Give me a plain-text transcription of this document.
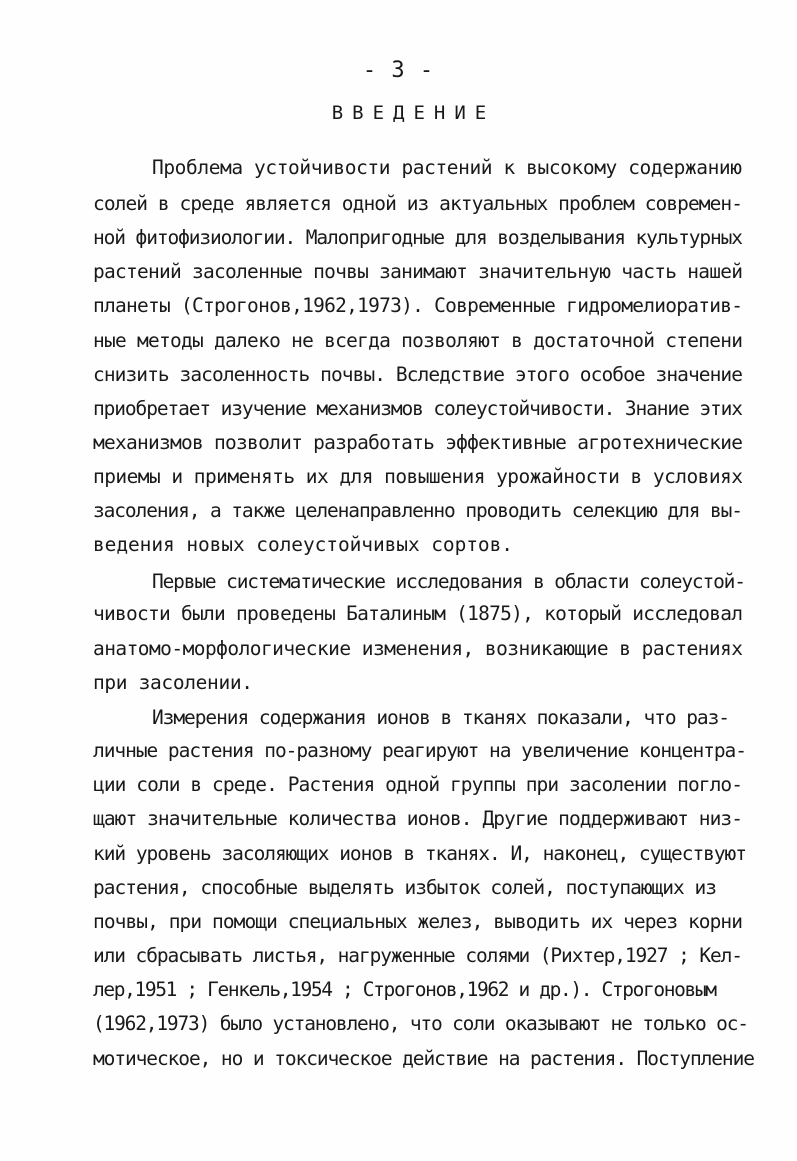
- 3 -
ВВЕДЕНИЕ
Проблема устойчивости растений к высокому содержанию
солей в среде является одной из актуальных проблем современ-
ной фитофизиологии. Малопригодные для возделывания культурных
растений засоленные почвы занимают значительную часть нашей
планеты (Строгонов,1962,1973). Современные гидромелиоратив-
ные методы далеко не всегда позволяют в достаточной степени
снизить засоленность почвы. Вследствие этого особое значение
приобретает изучение механизмов солеустойчивости. Знание этих
механизмов позволит разработать эффективные агротехнические
приемы и применять их для повышения урожайности в условиях
засоления, а также целенаправленно проводить селекцию для вы-
ведения новых солеустойчивых сортов.
Первые систематические исследования в области солеустой-
чивости были проведены Баталиным (1875), который исследовал
анатомо-морфологические изменения, возникающие в растениях
при засолении.
Измерения содержания ионов в тканях показали, что раз-
личные растения по-разному реагируют на увеличение концентра-
ции соли в среде. Растения одной группы при засолении погло-
щают значительные количества ионов. Другие поддерживают низ-
кий уровень засоляющих ионов в тканях. И, наконец, существуют
растения, способные выделять избыток солей, поступающих из
почвы, при помощи специальных желез, выводить их через корни
или сбрасывать листья, нагруженные солями (Рихтер,1927 ; Кел-
лер,1951 ; Генкель,1954 ; Строгонов,1962 и др.). Строгоновым
(1962,1973) было установлено, что соли оказывают не только ос-
мотическое, но и токсическое действие на растения. Поступление
